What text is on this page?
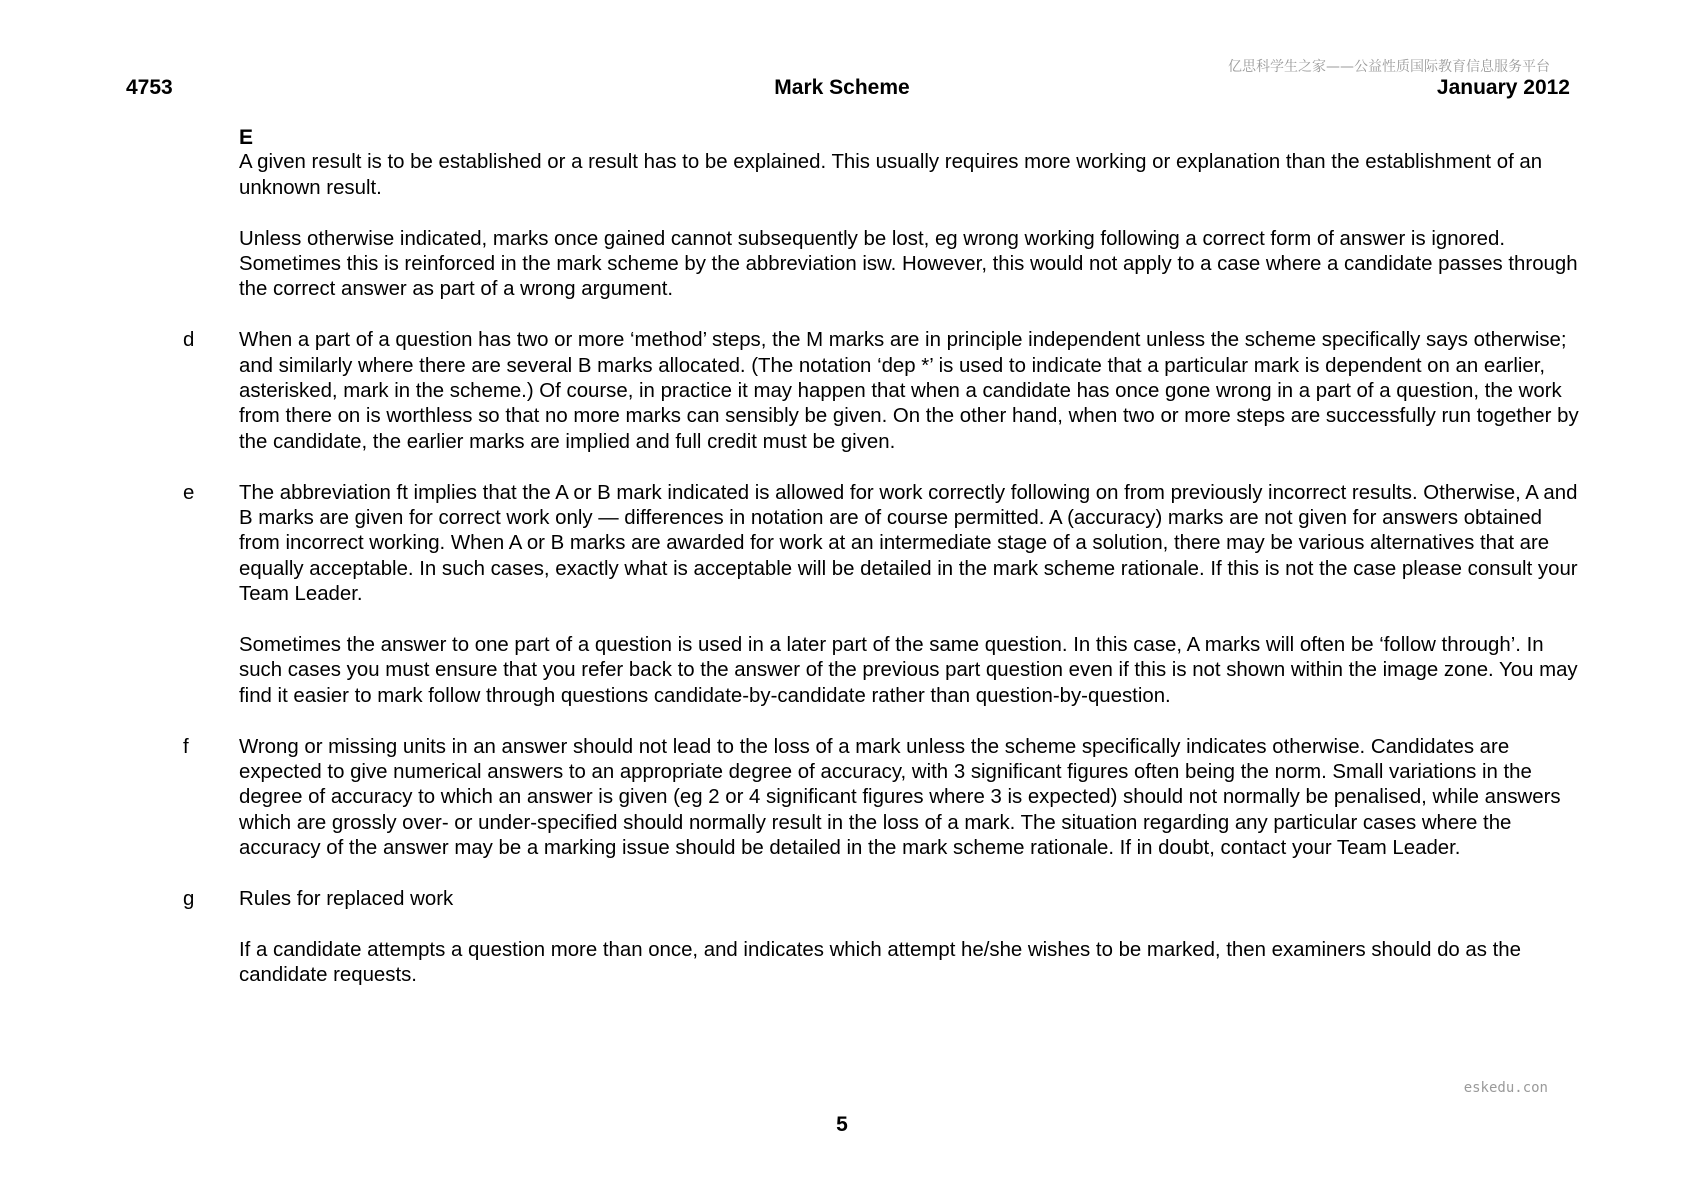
亿思科学生之家——公益性质国际教育信息服务平台
4753	Mark Scheme	January 2012
E

A given result is to be established or a result has to be explained. This usually requires more working or explanation than the establishment of an unknown result.

Unless otherwise indicated, marks once gained cannot subsequently be lost, eg wrong working following a correct form of answer is ignored. Sometimes this is reinforced in the mark scheme by the abbreviation isw. However, this would not apply to a case where a candidate passes through the correct answer as part of a wrong argument.

d	When a part of a question has two or more ‘method’ steps, the M marks are in principle independent unless the scheme specifically says otherwise; and similarly where there are several B marks allocated. (The notation ‘dep *’ is used to indicate that a particular mark is dependent on an earlier, asterisked, mark in the scheme.) Of course, in practice it may happen that when a candidate has once gone wrong in a part of a question, the work from there on is worthless so that no more marks can sensibly be given. On the other hand, when two or more steps are successfully run together by the candidate, the earlier marks are implied and full credit must be given.

e	The abbreviation ft implies that the A or B mark indicated is allowed for work correctly following on from previously incorrect results. Otherwise, A and B marks are given for correct work only — differences in notation are of course permitted. A (accuracy) marks are not given for answers obtained from incorrect working. When A or B marks are awarded for work at an intermediate stage of a solution, there may be various alternatives that are equally acceptable. In such cases, exactly what is acceptable will be detailed in the mark scheme rationale. If this is not the case please consult your Team Leader.

Sometimes the answer to one part of a question is used in a later part of the same question. In this case, A marks will often be ‘follow through’. In such cases you must ensure that you refer back to the answer of the previous part question even if this is not shown within the image zone. You may find it easier to mark follow through questions candidate-by-candidate rather than question-by-question.

f	Wrong or missing units in an answer should not lead to the loss of a mark unless the scheme specifically indicates otherwise. Candidates are expected to give numerical answers to an appropriate degree of accuracy, with 3 significant figures often being the norm. Small variations in the degree of accuracy to which an answer is given (eg 2 or 4 significant figures where 3 is expected) should not normally be penalised, while answers which are grossly over- or under-specified should normally result in the loss of a mark. The situation regarding any particular cases where the accuracy of the answer may be a marking issue should be detailed in the mark scheme rationale. If in doubt, contact your Team Leader.

g	Rules for replaced work

If a candidate attempts a question more than once, and indicates which attempt he/she wishes to be marked, then examiners should do as the candidate requests.

eskedu.con
5
